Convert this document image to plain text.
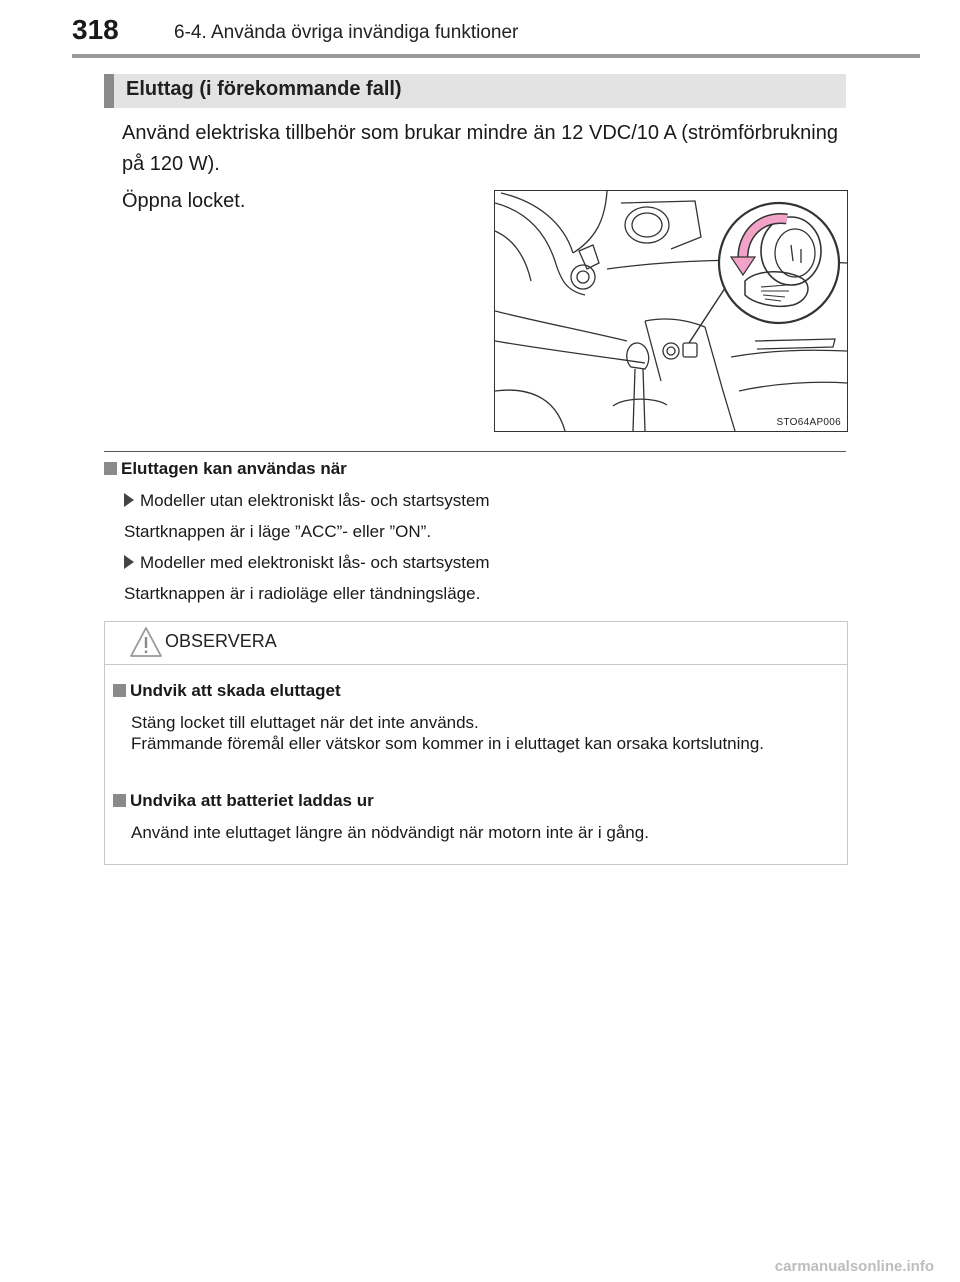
318	6-4. Använda övriga invändiga funktioner
Eluttag (i förekommande fall)
Använd elektriska tillbehör som brukar mindre än 12 VDC/10 A (strömförbrukning på 120 W).
Öppna locket.
STO64AP006
Eluttagen kan användas när
Modeller utan elektroniskt lås- och startsystem
Startknappen är i läge ”ACC”- eller ”ON”.
Modeller med elektroniskt lås- och startsystem
Startknappen är i radioläge eller tändningsläge.
OBSERVERA
Undvik att skada eluttaget
Stäng locket till eluttaget när det inte används.
Främmande föremål eller vätskor som kommer in i eluttaget kan orsaka kortslutning.
Undvika att batteriet laddas ur
Använd inte eluttaget längre än nödvändigt när motorn inte är i gång.
carmanualsonline.info
